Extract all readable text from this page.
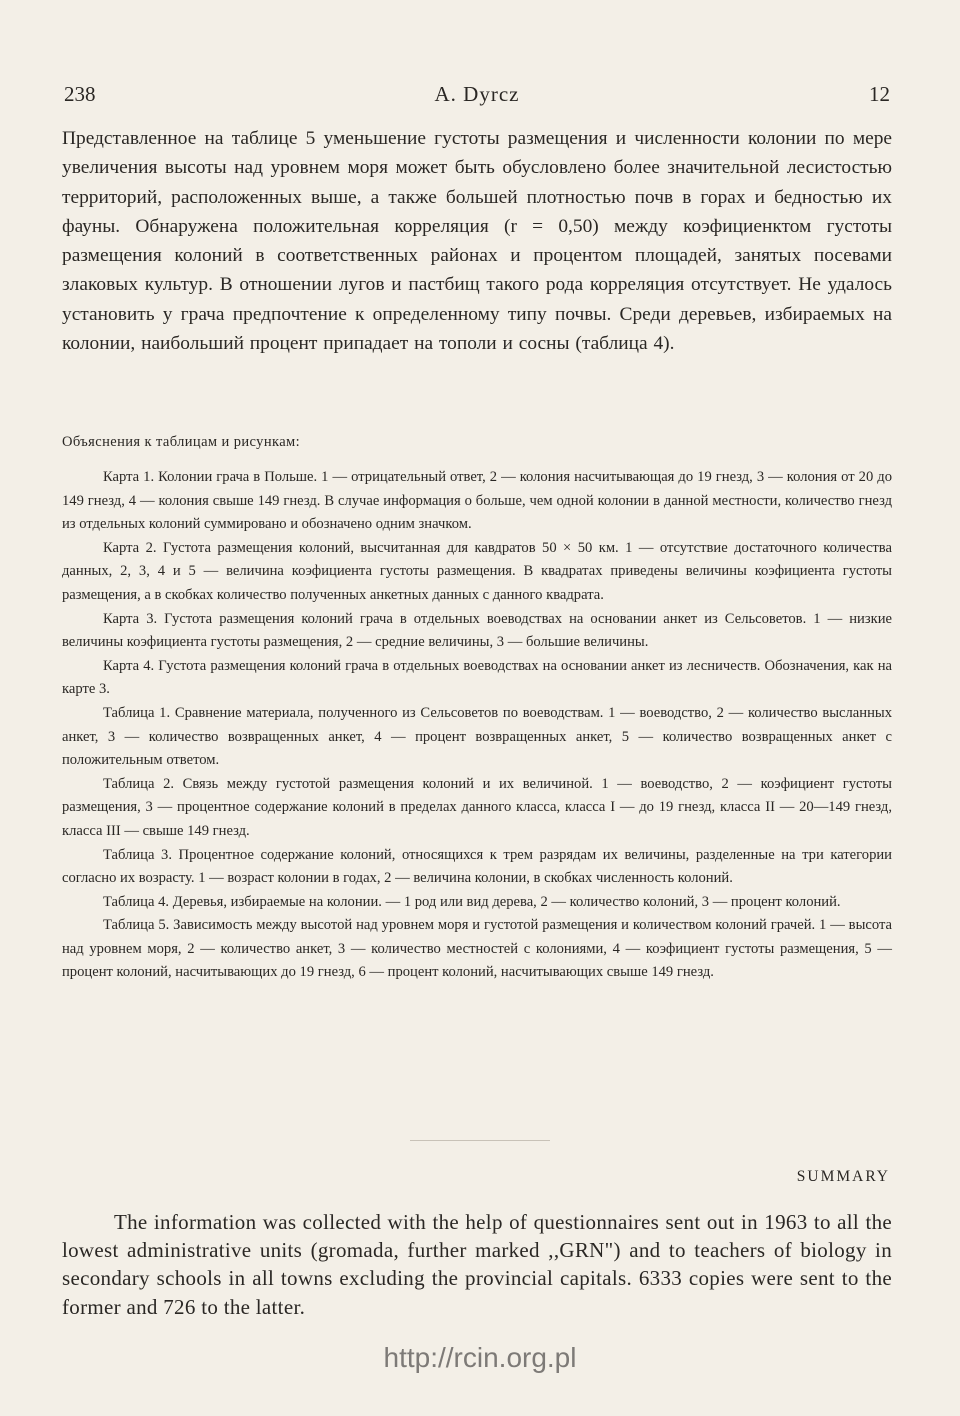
238	A. Dyrcz	12

Представленное на таблице 5 уменьшение густоты размещения и численности колонии по мере увеличения высоты над уровнем моря может быть обусловлено более значительной лесистостью территорий, расположенных выше, а также большей плотностью почв в горах и бедностью их фауны. Обнаружена положительная корреляция (r = 0,50) между коэфициенктом густоты размещения колоний в соответственных районах и процентом площадей, занятых посевами злаковых культур. В отношении лугов и пастбищ такого рода корреляция отсутствует. Не удалось установить у грача предпочтение к определенному типу почвы. Среди деревьев, избираемых на колонии, наибольший процент припадает на тополи и сосны (таблица 4).

Объяснения к таблицам и рисункам:

Карта 1. Колонии грача в Польше. 1 — отрицательный ответ, 2 — колония насчитывающая до 19 гнезд, 3 — колония от 20 до 149 гнезд, 4 — колония свыше 149 гнезд. В случае информация о больше, чем одной колонии в данной местности, количество гнезд из отдельных колоний суммировано и обозначено одним значком.

Карта 2. Густота размещения колоний, высчитанная для кавдратов 50 × 50 км. 1 — отсутствие достаточного количества данных, 2, 3, 4 и 5 — величина коэфициента густоты размещения. В квадратах приведены величины коэфициента густоты размещения, а в скобках количество полученных анкетных данных с данного квадрата.

Карта 3. Густота размещения колоний грача в отдельных воеводствах на основании анкет из Сельсоветов. 1 — низкие величины коэфициента густоты размещения, 2 — средние величины, 3 — большие величины.

Карта 4. Густота размещения колоний грача в отдельных воеводствах на основании анкет из лесничеств. Обозначения, как на карте 3.

Таблица 1. Сравнение материала, полученного из Сельсоветов по воеводствам. 1 — воеводство, 2 — количество высланных анкет, 3 — количество возвращенных анкет, 4 — процент возвращенных анкет, 5 — количество возвращенных анкет с положительным ответом.

Таблица 2. Связь между густотой размещения колоний и их величиной. 1 — воеводство, 2 — коэфициент густоты размещения, 3 — процентное содержание колоний в пределах данного класса, класса I — до 19 гнезд, класса II — 20—149 гнезд, класса III — свыше 149 гнезд.

Таблица 3. Процентное содержание колоний, относящихся к трем разрядам их величины, разделенные на три категории согласно их возрасту. 1 — возраст колонии в годах, 2 — величина колонии, в скобках численность колоний.

Таблица 4. Деревья, избираемые на колонии. — 1 род или вид дерева, 2 — количество колоний, 3 — процент колоний.

Таблица 5. Зависимость между высотой над уровнем моря и густотой размещения и количеством колоний грачей. 1 — высота над уровнем моря, 2 — количество анкет, 3 — количество местностей с колониями, 4 — коэфициент густоты размещения, 5 — процент колоний, насчитывающих до 19 гнезд, 6 — процент колоний, насчитывающих свыше 149 гнезд.

SUMMARY

The information was collected with the help of questionnaires sent out in 1963 to all the lowest administrative units (gromada, further marked ,,GRN") and to teachers of biology in secondary schools in all towns excluding the provincial capitals. 6333 copies were sent to the former and 726 to the latter.

http://rcin.org.pl
